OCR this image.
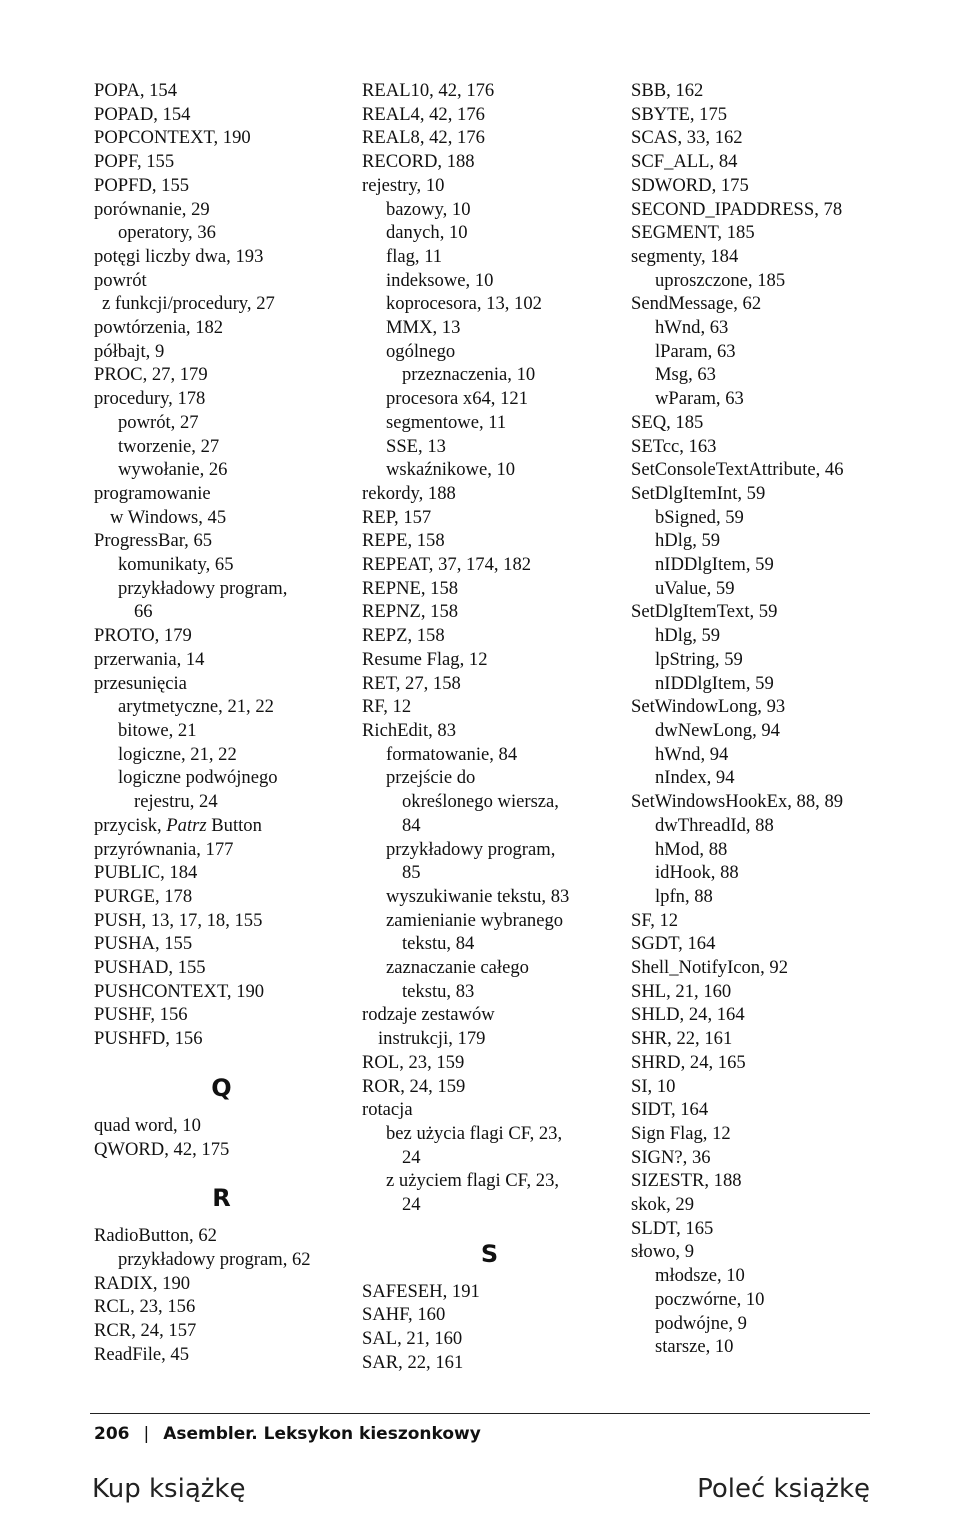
POPA, 154
POPAD, 154
POPCONTEXT, 190
POPF, 155
POPFD, 155
porównanie, 29
operatory, 36
potęgi liczby dwa, 193
powrót
z funkcji/procedury, 27
powtórzenia, 182
półbajt, 9
PROC, 27, 179
procedury, 178
powrót, 27
tworzenie, 27
wywołanie, 26
programowanie
w Windows, 45
ProgressBar, 65
komunikaty, 65
przykładowy program,
66
PROTO, 179
przerwania, 14
przesunięcia
arytmetyczne, 21, 22
bitowe, 21
logiczne, 21, 22
logiczne podwójnego
rejestru, 24
przycisk, Patrz Button
przyrównania, 177
PUBLIC, 184
PURGE, 178
PUSH, 13, 17, 18, 155
PUSHA, 155
PUSHAD, 155
PUSHCONTEXT, 190
PUSHF, 156
PUSHFD, 156
Q
quad word, 10
QWORD, 42, 175
R
RadioButton, 62
przykładowy program, 62
RADIX, 190
RCL, 23, 156
RCR, 24, 157
ReadFile, 45
REAL10, 42, 176
REAL4, 42, 176
REAL8, 42, 176
RECORD, 188
rejestry, 10
bazowy, 10
danych, 10
flag, 11
indeksowe, 10
koprocesora, 13, 102
MMX, 13
ogólnego
przeznaczenia, 10
procesora x64, 121
segmentowe, 11
SSE, 13
wskaźnikowe, 10
rekordy, 188
REP, 157
REPE, 158
REPEAT, 37, 174, 182
REPNE, 158
REPNZ, 158
REPZ, 158
Resume Flag, 12
RET, 27, 158
RF, 12
RichEdit, 83
formatowanie, 84
przejście do
określonego wiersza,
84
przykładowy program,
85
wyszukiwanie tekstu, 83
zamienianie wybranego
tekstu, 84
zaznaczanie całego
tekstu, 83
rodzaje zestawów
instrukcji, 179
ROL, 23, 159
ROR, 24, 159
rotacja
bez użycia flagi CF, 23,
24
z użyciem flagi CF, 23,
24
S
SAFESEH, 191
SAHF, 160
SAL, 21, 160
SAR, 22, 161
SBB, 162
SBYTE, 175
SCAS, 33, 162
SCF_ALL, 84
SDWORD, 175
SECOND_IPADDRESS, 78
SEGMENT, 185
segmenty, 184
uproszczone, 185
SendMessage, 62
hWnd, 63
lParam, 63
Msg, 63
wParam, 63
SEQ, 185
SETcc, 163
SetConsoleTextAttribute, 46
SetDlgItemInt, 59
bSigned, 59
hDlg, 59
nIDDlgItem, 59
uValue, 59
SetDlgItemText, 59
hDlg, 59
lpString, 59
nIDDlgItem, 59
SetWindowLong, 93
dwNewLong, 94
hWnd, 94
nIndex, 94
SetWindowsHookEx, 88, 89
dwThreadId, 88
hMod, 88
idHook, 88
lpfn, 88
SF, 12
SGDT, 164
Shell_NotifyIcon, 92
SHL, 21, 160
SHLD, 24, 164
SHR, 22, 161
SHRD, 24, 165
SI, 10
SIDT, 164
Sign Flag, 12
SIGN?, 36
SIZESTR, 188
skok, 29
SLDT, 165
słowo, 9
młodsze, 10
poczwórne, 10
podwójne, 9
starsze, 10
206 | Asembler. Leksykon kieszonkowy
Kup książkę	Poleć książkę
